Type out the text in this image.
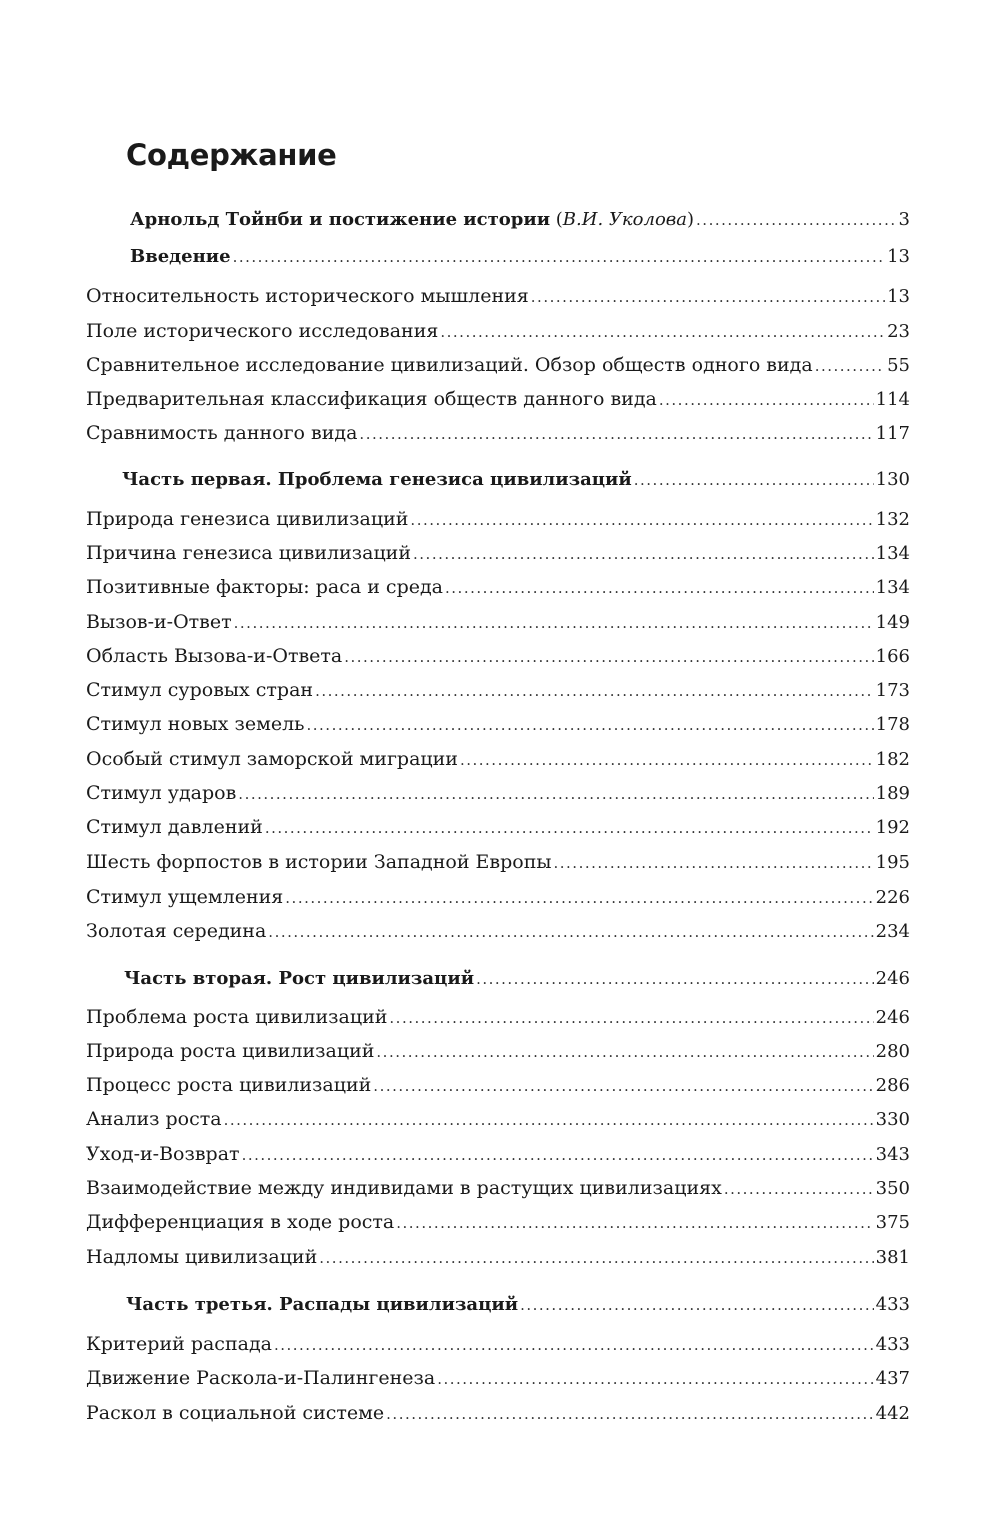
Содержание
Арнольд Тойнби и постижение истории ( В.И. Уколова ) .....	3
Введение .....	13
Относительность исторического мышления .....	13
Поле исторического исследования .....	23
Сравнительное исследование цивилизаций. Обзор обществ одного вида .....	55
Предварительная классификация обществ данного вида .....	114
Сравнимость данного вида .....	117
Часть первая. Проблема генезиса цивилизаций .....	130
Природа генезиса цивилизаций .....	132
Причина генезиса цивилизаций .....	134
Позитивные факторы: раса и среда .....	134
Вызов-и-Ответ .....	149
Область Вызова-и-Ответа .....	166
Стимул суровых стран .....	173
Стимул новых земель .....	178
Особый стимул заморской миграции .....	182
Стимул ударов .....	189
Стимул давлений .....	192
Шесть форпостов в истории Западной Европы .....	195
Стимул ущемления .....	226
Золотая середина .....	234
Часть вторая. Рост цивилизаций .....	246
Проблема роста цивилизаций .....	246
Природа роста цивилизаций .....	280
Процесс роста цивилизаций .....	286
Анализ роста .....	330
Уход-и-Возврат .....	343
Взаимодействие между индивидами в растущих цивилизациях .....	350
Дифференциация в ходе роста .....	375
Надломы цивилизаций .....	381
Часть третья. Распады цивилизаций .....	433
Критерий распада .....	433
Движение Раскола-и-Палингенеза .....	437
Раскол в социальной системе .....	442
